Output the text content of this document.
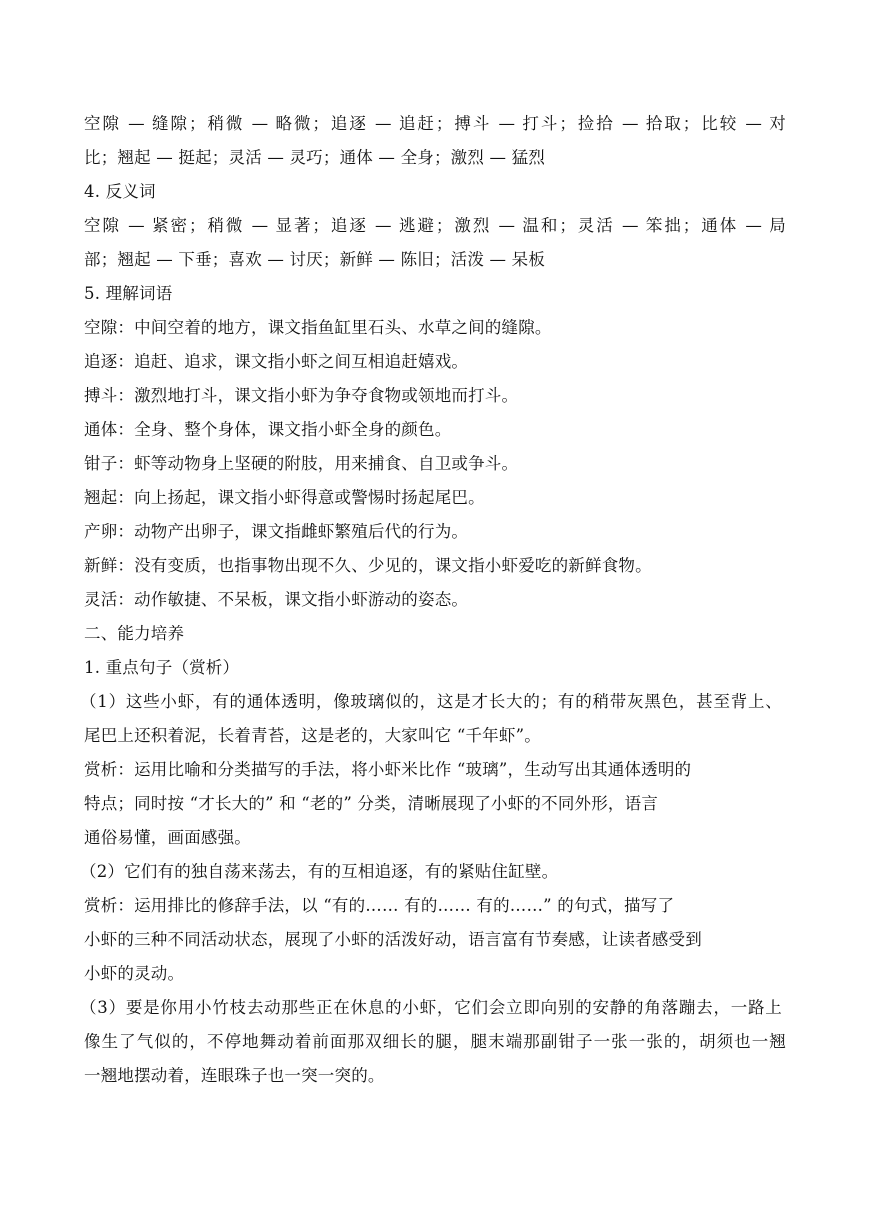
空隙 — 缝隙；稍微 — 略微；追逐 — 追赶；搏斗 — 打斗；捡拾 — 拾取；比较 — 对
比；翘起 — 挺起；灵活 — 灵巧；通体 — 全身；激烈 — 猛烈
4. 反义词
空隙 — 紧密；稍微 — 显著；追逐 — 逃避；激烈 — 温和；灵活 — 笨拙；通体 — 局
部；翘起 — 下垂；喜欢 — 讨厌；新鲜 — 陈旧；活泼 — 呆板
5. 理解词语
空隙：中间空着的地方，课文指鱼缸里石头、水草之间的缝隙。
追逐：追赶、追求，课文指小虾之间互相追赶嬉戏。
搏斗：激烈地打斗，课文指小虾为争夺食物或领地而打斗。
通体：全身、整个身体，课文指小虾全身的颜色。
钳子：虾等动物身上坚硬的附肢，用来捕食、自卫或争斗。
翘起：向上扬起，课文指小虾得意或警惕时扬起尾巴。
产卵：动物产出卵子，课文指雌虾繁殖后代的行为。
新鲜：没有变质，也指事物出现不久、少见的，课文指小虾爱吃的新鲜食物。
灵活：动作敏捷、不呆板，课文指小虾游动的姿态。
二、能力培养
1. 重点句子（赏析）
（1）这些小虾，有的通体透明，像玻璃似的，这是才长大的；有的稍带灰黑色，甚至背上、
尾巴上还积着泥，长着青苔，这是老的，大家叫它 “千年虾”。
赏析：运用比喻和分类描写的手法，将小虾米比作 “玻璃”，生动写出其通体透明的
特点；同时按 “才长大的” 和 “老的” 分类，清晰展现了小虾的不同外形，语言
通俗易懂，画面感强。
（2）它们有的独自荡来荡去，有的互相追逐，有的紧贴住缸壁。
赏析：运用排比的修辞手法，以 “有的…… 有的…… 有的……” 的句式，描写了
小虾的三种不同活动状态，展现了小虾的活泼好动，语言富有节奏感，让读者感受到
小虾的灵动。
（3）要是你用小竹枝去动那些正在休息的小虾，它们会立即向别的安静的角落蹦去，一路上
像生了气似的，不停地舞动着前面那双细长的腿，腿末端那副钳子一张一张的，胡须也一翘
一翘地摆动着，连眼珠子也一突一突的。
